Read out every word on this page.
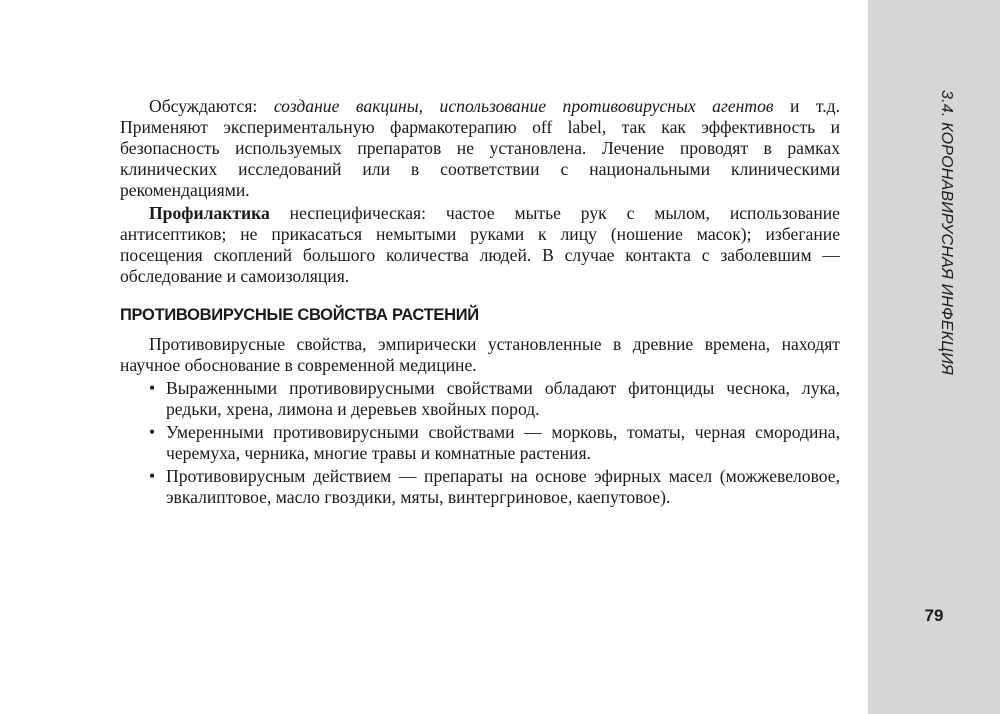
Обсуждаются: создание вакцины, использование противовирусных агентов и т.д. Применяют экспериментальную фармакотерапию off label, так как эффективность и безопасность используемых препаратов не установлена. Лечение проводят в рамках клинических исследований или в соответствии с национальными клиническими рекомендациями.

Профилактика неспецифическая: частое мытье рук с мылом, использование антисептиков; не прикасаться немытыми руками к лицу (ношение масок); избегание посещения скоплений большого количества людей. В случае контакта с заболевшим — обследование и самоизоляция.

ПРОТИВОВИРУСНЫЕ СВОЙСТВА РАСТЕНИЙ

Противовирусные свойства, эмпирически установленные в древние времена, находят научное обоснование в современной медицине.

• Выраженными противовирусными свойствами обладают фитонциды чеснока, лука, редьки, хрена, лимона и деревьев хвойных пород.
• Умеренными противовирусными свойствами — морковь, томаты, черная смородина, черемуха, черника, многие травы и комнатные растения.
• Противовирусным действием — препараты на основе эфирных масел (можжевеловое, эвкалиптовое, масло гвоздики, мяты, винтергриновое, каепутовое).
3.4. КОРОНАВИРУСНАЯ ИНФЕКЦИЯ
79
